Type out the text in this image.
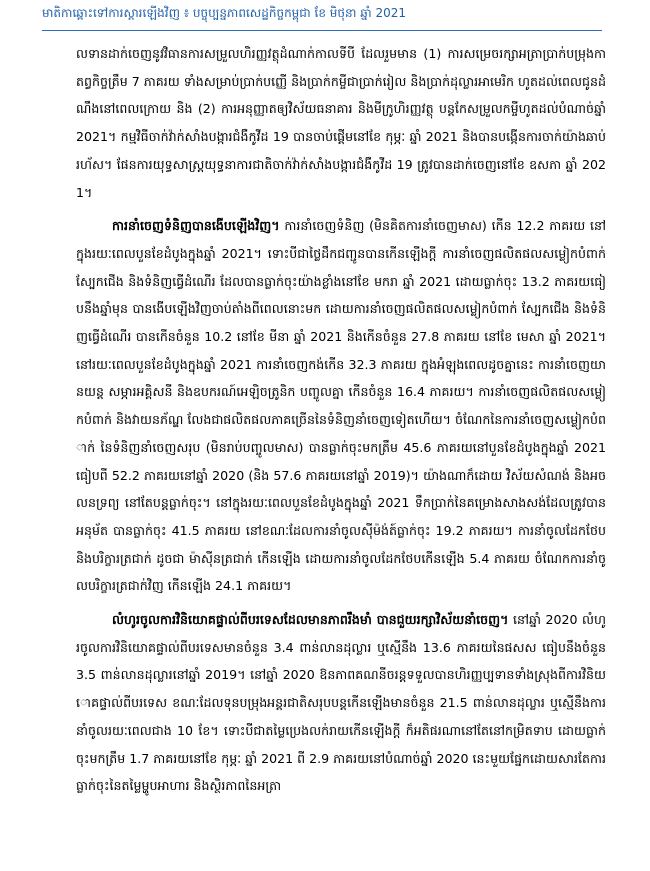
មាតិកាឆ្ពោះទៅការស្ដារឡើងវិញ ៖ បច្ចុប្បន្នភាពសេដ្ឋកិច្ចកម្ពុជា ខែ មិថុនា ឆ្នាំ 2021

លទានដាក់ចេញនូវវិធានការសម្រួលហិរញ្ញវត្ថុដំណាក់កាលទីបី ដែលរួមមាន (1) ការសម្រេចរក្សាអត្រាប្រាក់បម្រុងកាតព្វកិច្ចត្រឹម 7 ភាគរយ ទាំងសម្រាប់ប្រាក់បញ្ញើ និងប្រាក់កម្ចីជាប្រាក់រៀល និងប្រាក់ដុល្លារអាមេរិក ហូតដល់ពេលជូនដំណឹងនៅពេលក្រោយ និង (2) ការអនុញ្ញាតឲ្យវិស័យធនាគារ និងមីក្រូហិរញ្ញវត្ថុ បន្តកែសម្រួលកម្ចីហូតដល់បំណាច់ឆ្នាំ 2021។ កម្មវិធីចាក់វ៉ាក់សាំងបង្ការជំងឺកូវីដ 19 បានចាប់ផ្ដើមនៅខែ កុម្ភៈ ឆ្នាំ 2021 និងបានបង្កើនការចាក់យ៉ាងឆាប់រហ័ស។ ផែនការយុទ្ធសាស្ត្រយុទ្ធនាការជាតិចាក់វ៉ាក់សាំងបង្ការជំងឺកូវីដ 19 ត្រូវបានដាក់ចេញនៅខែ ឧសភា ឆ្នាំ 2021។

ការនាំចេញទំនិញបានងើបឡើងវិញ។ ការនាំចេញទំនិញ (មិនគិតការនាំចេញមាស) កើន 12.2 ភាគរយ នៅក្នុងរយៈពេលបួនខែដំបូងក្នុងឆ្នាំ 2021។ ទោះបីជាថ្លៃដឹកជញ្ជូនបានកើនឡើងក្ដី ការនាំចេញផលិតផលសម្លៀកបំពាក់ ស្បែកជើង និងទំនិញធ្វើដំណើរ ដែលបានធ្លាក់ចុះយ៉ាងខ្លាំងនៅខែ មករា ឆ្នាំ 2021 ដោយធ្លាក់ចុះ 13.2 ភាគរយធៀបនឹងឆ្នាំមុន បានងើបឡើងវិញចាប់តាំងពីពេលនោះមក ដោយការនាំចេញផលិតផលសម្លៀកបំពាក់ ស្បែកជើង និងទំនិញធ្វើដំណើរ បានកើនចំនួន 10.2 នៅខែ មីនា ឆ្នាំ 2021 និងកើនចំនួន 27.8 ភាគរយ នៅខែ មេសា ឆ្នាំ 2021។ នៅរយៈពេលបួនខែដំបូងក្នុងឆ្នាំ 2021 ការនាំចេញកង់កើន 32.3 ភាគរយ ក្នុងអំឡុងពេលដូចគ្នានេះ ការនាំចេញយានយន្ត សម្ភារអគ្គិសនី និងឧបករណ៍អេឡិចត្រូនិក បញ្ចូលគ្នា កើនចំនួន 16.4 ភាគរយ។ ការនាំចេញផលិតផលសម្លៀកបំពាក់ និងវាយនភ័ណ្ឌ លែងជាផលិតផលភាគច្រើននៃទំនិញនាំចេញទៀតហើយ។ ចំណែកនៃការនាំចេញសម្លៀកបំពាក់ នៃទំនិញនាំចេញសរុប (មិនរាប់បញ្ចូលមាស) បានធ្លាក់ចុះមកត្រឹម 45.6 ភាគរយនៅបួនខែដំបូងក្នុងឆ្នាំ 2021 ធៀបពី 52.2 ភាគរយនៅឆ្នាំ 2020 (និង 57.6 ភាគរយនៅឆ្នាំ 2019)។ យ៉ាងណាក៏ដោយ វិស័យសំណង់ និងអចលនទ្រព្យ នៅតែបន្តធ្លាក់ចុះ។ នៅក្នុងរយៈពេលបួនខែដំបូងក្នុងឆ្នាំ 2021 ទឹកប្រាក់នៃគម្រោងសាងសង់ដែលត្រូវបានអនុម័ត បានធ្លាក់ចុះ 41.5 ភាគរយ នៅខណៈដែលការនាំចូលស៊ីម៉ង់ត៍ធ្លាក់ចុះ 19.2 ភាគរយ។ ការនាំចូលដែកថែប និងបរិក្ខារត្រជាក់ ដូចជា ម៉ាស៊ីនត្រជាក់ កើនឡើង ដោយការនាំចូលដែកថែបកើនឡើង 5.4 ភាគរយ ចំណែកការនាំចូលបរិក្ខារត្រជាក់វិញ កើនឡើង 24.1 ភាគរយ។

លំហូរចូលការវិនិយោគផ្ទាល់ពីបរទេសដែលមានភាពរឹងមាំ បានជួយរក្សាវិស័យនាំចេញ។ នៅឆ្នាំ 2020 លំហូរចូលការវិនិយោគផ្ទាល់ពីបរទេសមានចំនួន 3.4 ពាន់លានដុល្លារ ឬស្មើនឹង 13.6 ភាគរយនៃផសស ធៀបនឹងចំនួន 3.5 ពាន់លានដុល្លារនៅឆ្នាំ 2019។ នៅឆ្នាំ 2020 ឱនភាពគណនីចរន្តទទួលបានហិរញ្ញប្បទានទាំងស្រុងពីការវិនិយោគផ្ទាល់ពីបរទេស ខណៈដែលទុនបម្រុងអន្តរជាតិសរុបបន្តកើនឡើងមានចំនួន 21.5 ពាន់លានដុល្លារ ឬស្មើនឹងការនាំចូលរយៈពេលជាង 10 ខែ។ ទោះបីជាតម្លៃប្រេងលក់រាយកើនឡើងក្ដី ក៏អតិផរណានៅតែនៅកម្រិតទាប ដោយធ្លាក់ចុះមកត្រឹម 1.7 ភាគរយនៅខែ កុម្ភៈ ឆ្នាំ 2021 ពី 2.9 ភាគរយនៅបំណាច់ឆ្នាំ 2020 នេះមួយផ្នែកដោយសារតែការធ្លាក់ចុះនៃតម្លៃម្ហូបអាហារ និងស្ថិរភាពនៃអត្រា
